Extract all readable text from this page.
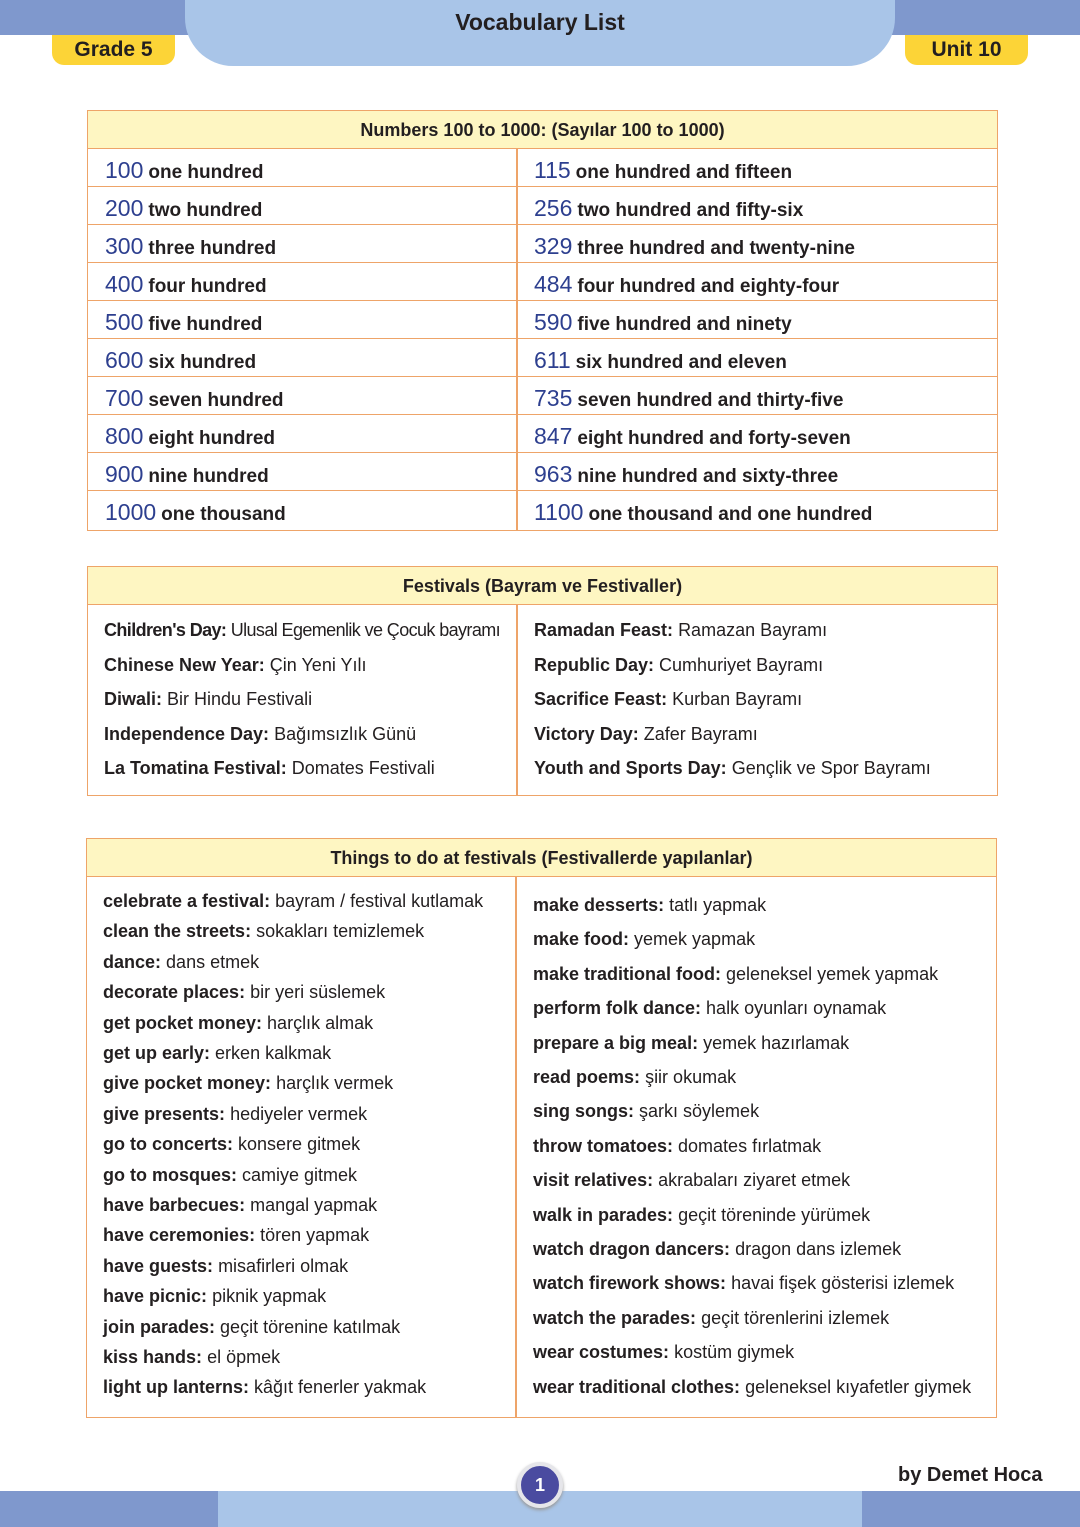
Vocabulary List
Grade 5	Unit 10
Numbers 100 to 1000: (Sayılar 100 to 1000)
100 one hundred	115 one hundred and fifteen
200 two hundred	256 two hundred and fifty-six
300 three hundred	329 three hundred and twenty-nine
400 four hundred	484 four hundred and eighty-four
500 five hundred	590 five hundred and ninety
600 six hundred	611 six hundred and eleven
700 seven hundred	735 seven hundred and thirty-five
800 eight hundred	847 eight hundred and forty-seven
900 nine hundred	963 nine hundred and sixty-three
1000 one thousand	1100 one thousand and one hundred
Festivals (Bayram ve Festivaller)
Children's Day: Ulusal Egemenlik ve Çocuk bayramı
Chinese New Year: Çin Yeni Yılı
Diwali: Bir Hindu Festivali
Independence Day: Bağımsızlık Günü
La Tomatina Festival: Domates Festivali
Ramadan Feast: Ramazan Bayramı
Republic Day: Cumhuriyet Bayramı
Sacrifice Feast: Kurban Bayramı
Victory Day: Zafer Bayramı
Youth and Sports Day: Gençlik ve Spor Bayramı
Things to do at festivals (Festivallerde yapılanlar)
celebrate a festival: bayram / festival kutlamak
clean the streets: sokakları temizlemek
dance: dans etmek
decorate places: bir yeri süslemek
get pocket money: harçlık almak
get up early: erken kalkmak
give pocket money: harçlık vermek
give presents: hediyeler vermek
go to concerts: konsere gitmek
go to mosques: camiye gitmek
have barbecues: mangal yapmak
have ceremonies: tören yapmak
have guests: misafirleri olmak
have picnic: piknik yapmak
join parades: geçit törenine katılmak
kiss hands: el öpmek
light up lanterns: kâğıt fenerler yakmak
make desserts: tatlı yapmak
make food: yemek yapmak
make traditional food: geleneksel yemek yapmak
perform folk dance: halk oyunları oynamak
prepare a big meal: yemek hazırlamak
read poems: şiir okumak
sing songs: şarkı söylemek
throw tomatoes: domates fırlatmak
visit relatives: akrabaları ziyaret etmek
walk in parades: geçit töreninde yürümek
watch dragon dancers: dragon dans izlemek
watch firework shows: havai fişek gösterisi izlemek
watch the parades: geçit törenlerini izlemek
wear costumes: kostüm giymek
wear traditional clothes: geleneksel kıyafetler giymek
1	by Demet Hoca
